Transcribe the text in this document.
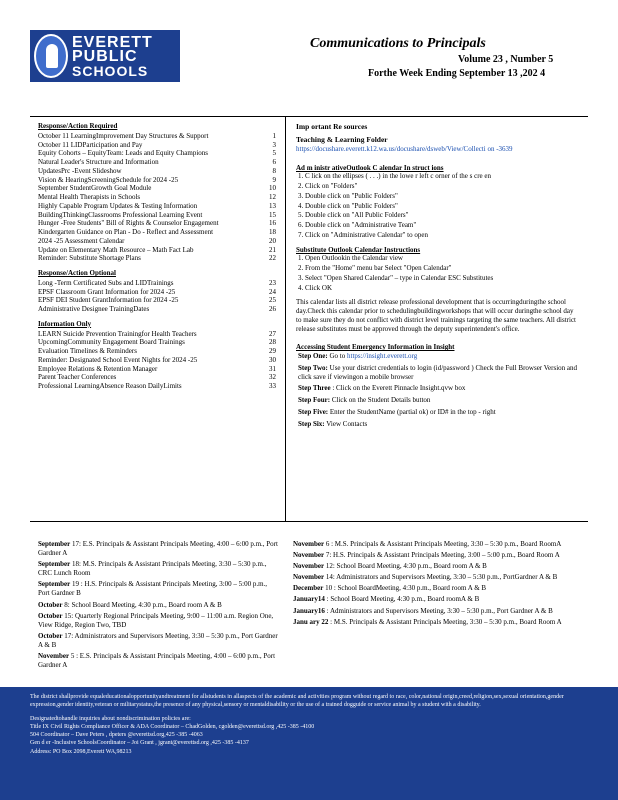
EVERETT
PUBLIC
SCHOOLS
Communications to Principals
Volume 23 , Number 5
Forthe Week Ending September 13 ,202 4
Response/Action Required
October 11 LearningImprovement Day Structures & Support	1
October 11 LIDParticipation and Pay	3
Equity Cohorts – EquityTeam: Leads and Equity Champions	5
Natural Leader's Structure and Information	6
UpdatesPrc -Event Slideshow	8
Vision & HearingScreeningSchedule for 2024 -25	9
September StudentGrowth Goal Module	10
Mental Health Therapists in Schools	12
Highly Capable Program Updates & Testing Information	13
BuildingThinkingClassrooms Professional Learning Event	15
Hunger -Free Students" Bill of Rights & Counselor Engagement	16
Kindergarten Guidance on Plan - Do - Reflect and Assessment	18
2024 -25 Assessment Calendar	20
Update on Elementary Math Resource – Math Fact Lab	21
Reminder: Substitute Shortage Plans	22
Response/Action Optional
Long -Term Certificated Subs and LIDTrainings	23
EPSF Classroom Grant Information for 2024 -25	24
EPSF DEI Student GrantInformation for 2024 -25	25
Administrative Designee TrainingDates	26
Information Only
LEARN Suicide Prevention Trainingfor Health Teachers	27
UpcomingCommunity Engagement Board Trainings	28
Evaluation Timelines & Reminders	29
Reminder: Designated School Event Nights for 2024 -25	30
Employee Relations & Retention Manager	31
Parent Teacher Conferences	32
Professional LearningAbsence Reason DailyLimits	33
Imp ortant Re sources
Teaching & Learning Folder
https://docushare.everett.k12.wa.us/docushare/dsweb/View/Collecti on -3639
Ad m inistr ativeOutlook C alendar In struct ions
1. C lick on the ellipses ( . . .) in the lowe r left c orner of the s cre en
2. Click on "Folders"
3. Double click on "Public Folders"
4. Double click on "Public Folders"
5. Double click on "All Public Folders"
6. Double click on "Administrative Team"
7. Click on "Administrative Calendar" to open
Substitute Outlook Calendar Instructions
1. Open Outlookin the Calendar view
2. From the "Home" menu bar Select "Open Calendar"
3. Select "Open Shared Calendar" – type in Calendar ESC Substitutes
4. Click OK
This calendar lists all district release professional development that is occurringduringthe school day.Check this calendar prior to schedulingbuildingworkshops that will occur duringthe school day to make sure they do not conflict with district level trainings targeting the same teachers. All district release substitutes must be approved through the deputy superintendent's office.
Accessing Student Emergency Information in Insight
Step One: Go to https://insight.everett.org
Step Two: Use your district credentials to login (id/password ) Check the Full Browser Version and click save if viewingon a mobile browser
Step Three : Click on the Everett Pinnacle Insight.qvw box
Step Four: Click on the Student Details button
Step Five: Enter the StudentName (partial ok) or ID# in the top - right
Step Six: View Contacts
September 17: E.S. Principals & Assistant Principals Meeting, 4:00 – 6:00 p.m., Port Gardner A
September 18: M.S. Principals & Assistant Principals Meeting, 3:30 – 5:30 p.m., CRC Lunch Room
September 19 : H.S. Principals & Assistant Principals Meeting, 3:00 – 5:00 p.m., Port Gardner B
October 8: School Board Meeting, 4:30 p.m., Board room A & B
October 15: Quarterly Regional Principals Meeting, 9:00 – 11:00 a.m. Region One, View Ridge, Region Two, TBD
October 17: Administrators and Supervisors Meeting, 3:30 – 5:30 p.m., Port Gardner A & B
November 5 : E.S. Principals & Assistant Principals Meeting, 4:00 – 6:00 p.m., Port Gardner A
November 6 : M.S. Principals & Assistant Principals Meeting, 3:30 – 5:30 p.m., Board RoomA
November 7: H.S. Principals & Assistant Principals Meeting, 3:00 – 5:00 p.m., Board Room A
November 12: School Board Meeting, 4:30 p.m., Board room A & B
November 14: Administrators and Supervisors Meeting, 3:30 – 5:30 p.m., PortGardner A & B
December 10 : School BoardMeeting, 4:30 p.m., Board room A & B
January14 : School Board Meeting, 4:30 p.m., Board roomA & B
January16 : Administrators and Supervisors Meeting, 3:30 – 5:30 p.m., Port Gardner A & B
Janu ary 22 : M.S. Principals & Assistant Principals Meeting, 3:30 – 5:30 p.m., Board Room A
The district shallprovide equaleducationalopportunityandtreatment for allstudents in allaspects of the academic and activities program without regard to race, color,national origin,creed,religion,sex,sexual orientation,gender expression,gender identity,veteran or militarystatus,the presence of any physical,sensory or mentaldisability or the use of a trained dogguide or service animal by a student with a disability.
Designatedtohandle inquiries about nondiscrimination policies are:
Title IX Civil Rights Compliance Officer & ADA Coordinator – ChadGolden, cgolden@everettsd.org ,425 -385 -4100
504 Coordinator – Dave Peters , dpeters @everettsd.org,425 -385 -4063
Gen d er -Inclusive SchoolsCoordinator – Joi Grant , jgrant@everettsd.org ,425 -385 -4137
Address: PO Box 2098,Everett WA,98213
